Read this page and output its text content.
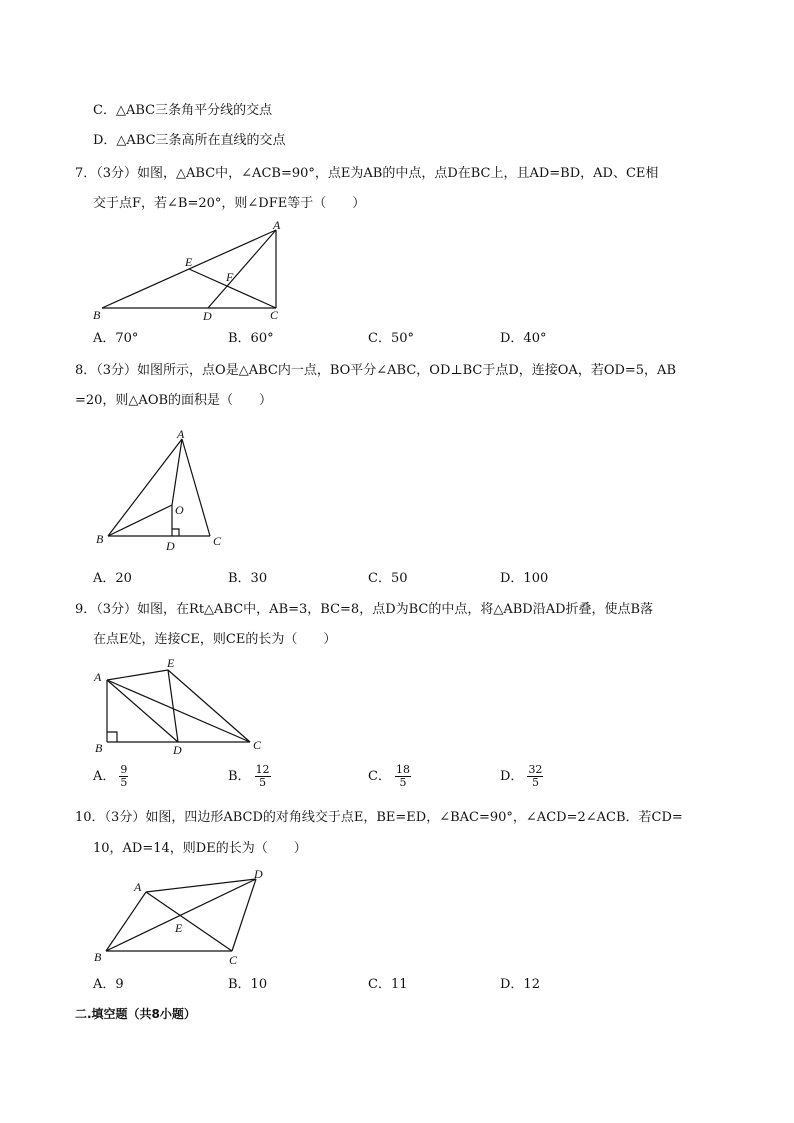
C．△ABC三条角平分线的交点
D．△ABC三条高所在直线的交点
7．（3分）如图，△ABC中，∠ACB=90°，点E为AB的中点，点D在BC上，且AD=BD，AD、CE相
交于点F，若∠B=20°，则∠DFE等于（　　）
A
B	C
D
E
F
A．70°	B．60°	C．50°	D．40°
8．（3分）如图所示，点O是△ABC内一点，BO平分∠ABC，OD⊥BC于点D，连接OA，若OD=5，AB
=20，则△AOB的面积是（　　）
A
B	C
D
O
A．20	B．30	C．50	D．100
9．（3分）如图，在Rt△ABC中，AB=3，BC=8，点D为BC的中点，将△ABD沿AD折叠，使点B落
在点E处，连接CE，则CE的长为（　　）
A
B	C
D
E
A． $\frac{9}{5}$	B． $\frac{12}{5}$	C． $\frac{18}{5}$	D． $\frac{32}{5}$
10．（3分）如图，四边形ABCD的对角线交于点E，BE=ED，∠BAC=90°，∠ACD=2∠ACB．若CD=
10，AD=14，则DE的长为（　　）
A
B	C
D
E
A．9	B．10	C．11	D．12
二.填空题（共8小题）
